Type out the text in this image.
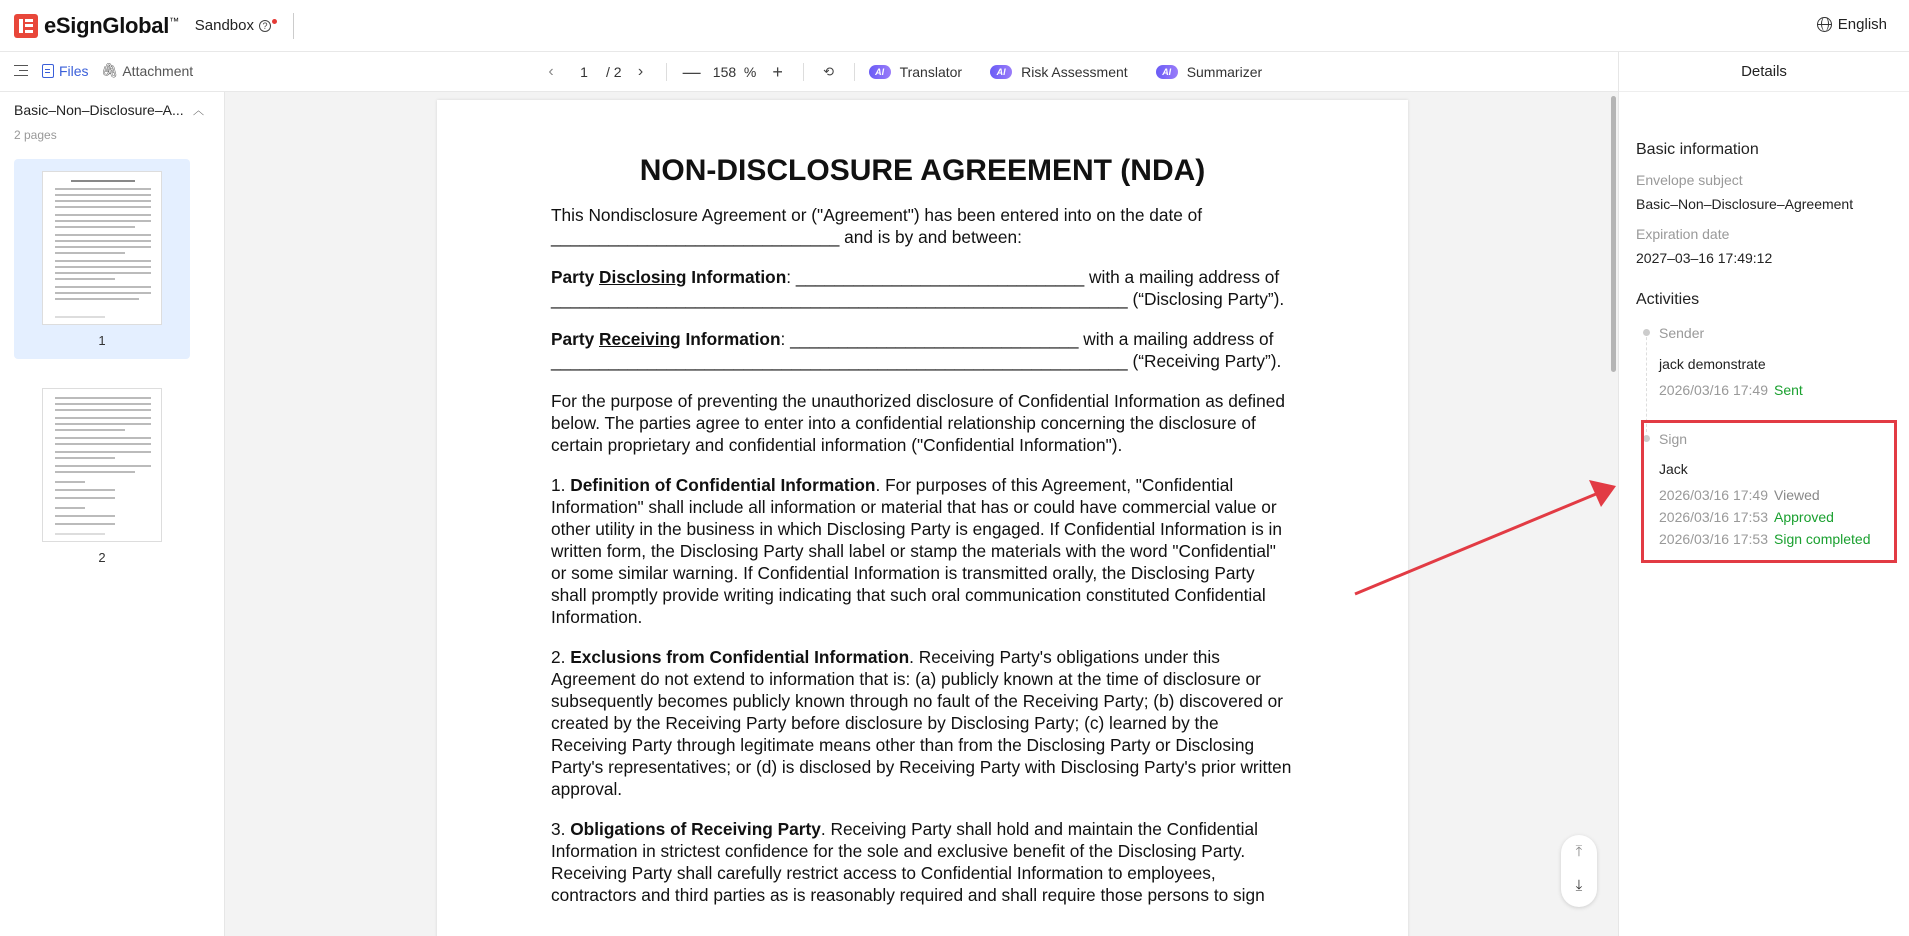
eSignGlobal™ Sandbox ?	English
Files 🖇 Attachment	‹	1	/ 2	›	— 158 % +	⟲	AI	Translator	AI	Risk Assessment	AI	Summarizer
Basic–Non–Disclosure–A... ︿
2 pages
1
2
NON-DISCLOSURE AGREEMENT (NDA)

This Nondisclosure Agreement or ("Agreement") has been entered into on the date of ______________________________ and is by and between:

Party Disclosing Information: ______________________________ with a mailing address of ____________________________________________________________ (“Disclosing Party”).

Party Receiving Information: ______________________________ with a mailing address of ____________________________________________________________ (“Receiving Party”).

For the purpose of preventing the unauthorized disclosure of Confidential Information as defined below. The parties agree to enter into a confidential relationship concerning the disclosure of certain proprietary and confidential information ("Confidential Information").

1. Definition of Confidential Information. For purposes of this Agreement, "Confidential Information" shall include all information or material that has or could have commercial value or other utility in the business in which Disclosing Party is engaged. If Confidential Information is in written form, the Disclosing Party shall label or stamp the materials with the word "Confidential" or some similar warning. If Confidential Information is transmitted orally, the Disclosing Party shall promptly provide writing indicating that such oral communication constituted Confidential Information.

2. Exclusions from Confidential Information. Receiving Party's obligations under this Agreement do not extend to information that is: (a) publicly known at the time of disclosure or subsequently becomes publicly known through no fault of the Receiving Party; (b) discovered or created by the Receiving Party before disclosure by Disclosing Party; (c) learned by the Receiving Party through legitimate means other than from the Disclosing Party or Disclosing Party's representatives; or (d) is disclosed by Receiving Party with Disclosing Party's prior written approval.

3. Obligations of Receiving Party. Receiving Party shall hold and maintain the Confidential Information in strictest confidence for the sole and exclusive benefit of the Disclosing Party. Receiving Party shall carefully restrict access to Confidential Information to employees, contractors and third parties as is reasonably required and shall require those persons to sign

⤒
⤓
Details
Basic information
Envelope subject
Basic–Non–Disclosure–Agreement
Expiration date
2027–03–16 17:49:12
Activities
Sender
jack demonstrate
2026/03/16 17:49 Sent
Sign
Jack
2026/03/16 17:49 Viewed
2026/03/16 17:53 Approved
2026/03/16 17:53 Sign completed
